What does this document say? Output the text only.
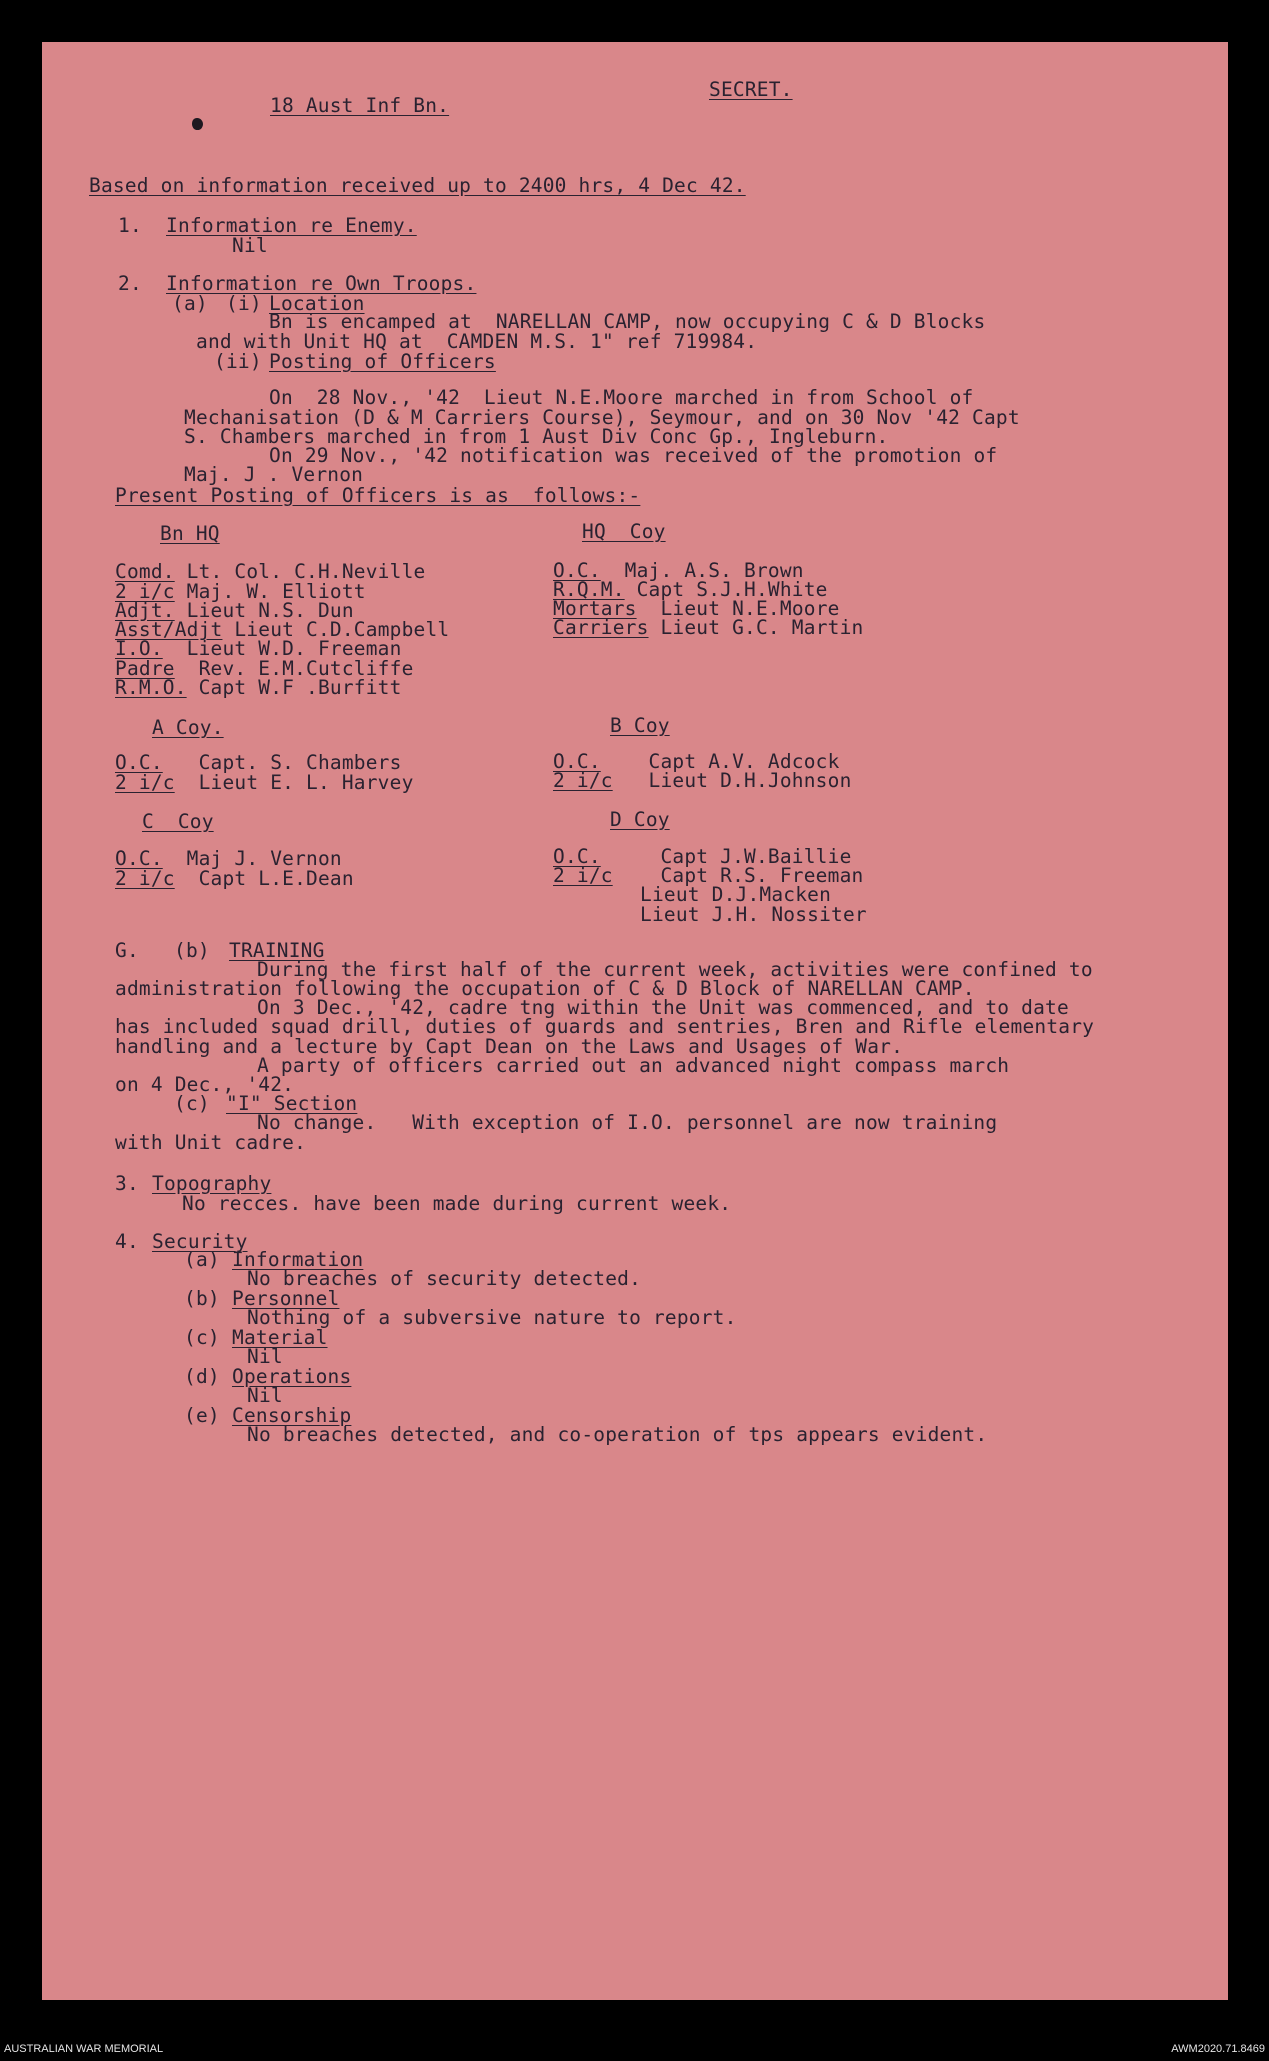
18 Aust Inf Bn.
SECRET.
Based on information received up to 2400 hrs, 4 Dec 42.
1. Information re Enemy.
Nil
2. Information re Own Troops.
(a) (i) Location
Bn is encamped at  NARELLAN CAMP, now occupying C & D Blocks
and with Unit HQ at  CAMDEN M.S. 1" ref 719984.
(ii) Posting of Officers
On  28 Nov., '42  Lieut N.E.Moore marched in from School of
Mechanisation (D & M Carriers Course), Seymour, and on 30 Nov '42 Capt
S. Chambers marched in from 1 Aust Div Conc Gp., Ingleburn.
On 29 Nov., '42 notification was received of the promotion of
Maj. J . Vernon
Present Posting of Officers is as  follows:-
Bn HQ
Comd. Lt. Col. C.H.Neville
2 i/c Maj. W. Elliott
Adjt. Lieut N.S. Dun
Asst/Adjt Lieut C.D.Campbell
I.O.  Lieut W.D. Freeman
Padre  Rev. E.M.Cutcliffe
R.M.O. Capt W.F .Burfitt
HQ  Coy
O.C.  Maj. A.S. Brown
R.Q.M. Capt S.J.H.White
Mortars  Lieut N.E.Moore
Carriers Lieut G.C. Martin
A Coy.
O.C.   Capt. S. Chambers
2 i/c  Lieut E. L. Harvey
B Coy
O.C.    Capt A.V. Adcock
2 i/c   Lieut D.H.Johnson
C  Coy
O.C.  Maj J. Vernon
2 i/c  Capt L.E.Dean
D Coy
O.C.     Capt J.W.Baillie
2 i/c    Capt R.S. Freeman
Lieut D.J.Macken
Lieut J.H. Nossiter
G. (b) TRAINING
During the first half of the current week, activities were confined to
administration following the occupation of C & D Block of NARELLAN CAMP.
On 3 Dec., '42, cadre tng within the Unit was commenced, and to date
has included squad drill, duties of guards and sentries, Bren and Rifle elementary
handling and a lecture by Capt Dean on the Laws and Usages of War.
A party of officers carried out an advanced night compass march
on 4 Dec., '42.
(c) "I" Section
No change.   With exception of I.O. personnel are now training
with Unit cadre.
3. Topography
No recces. have been made during current week.
4. Security
(a) Information
No breaches of security detected.
(b) Personnel
Nothing of a subversive nature to report.
(c) Material
Nil
(d) Operations
Nil
(e) Censorship
No breaches detected, and co-operation of tps appears evident.
AUSTRALIAN WAR MEMORIAL	AWM2020.71.8469
